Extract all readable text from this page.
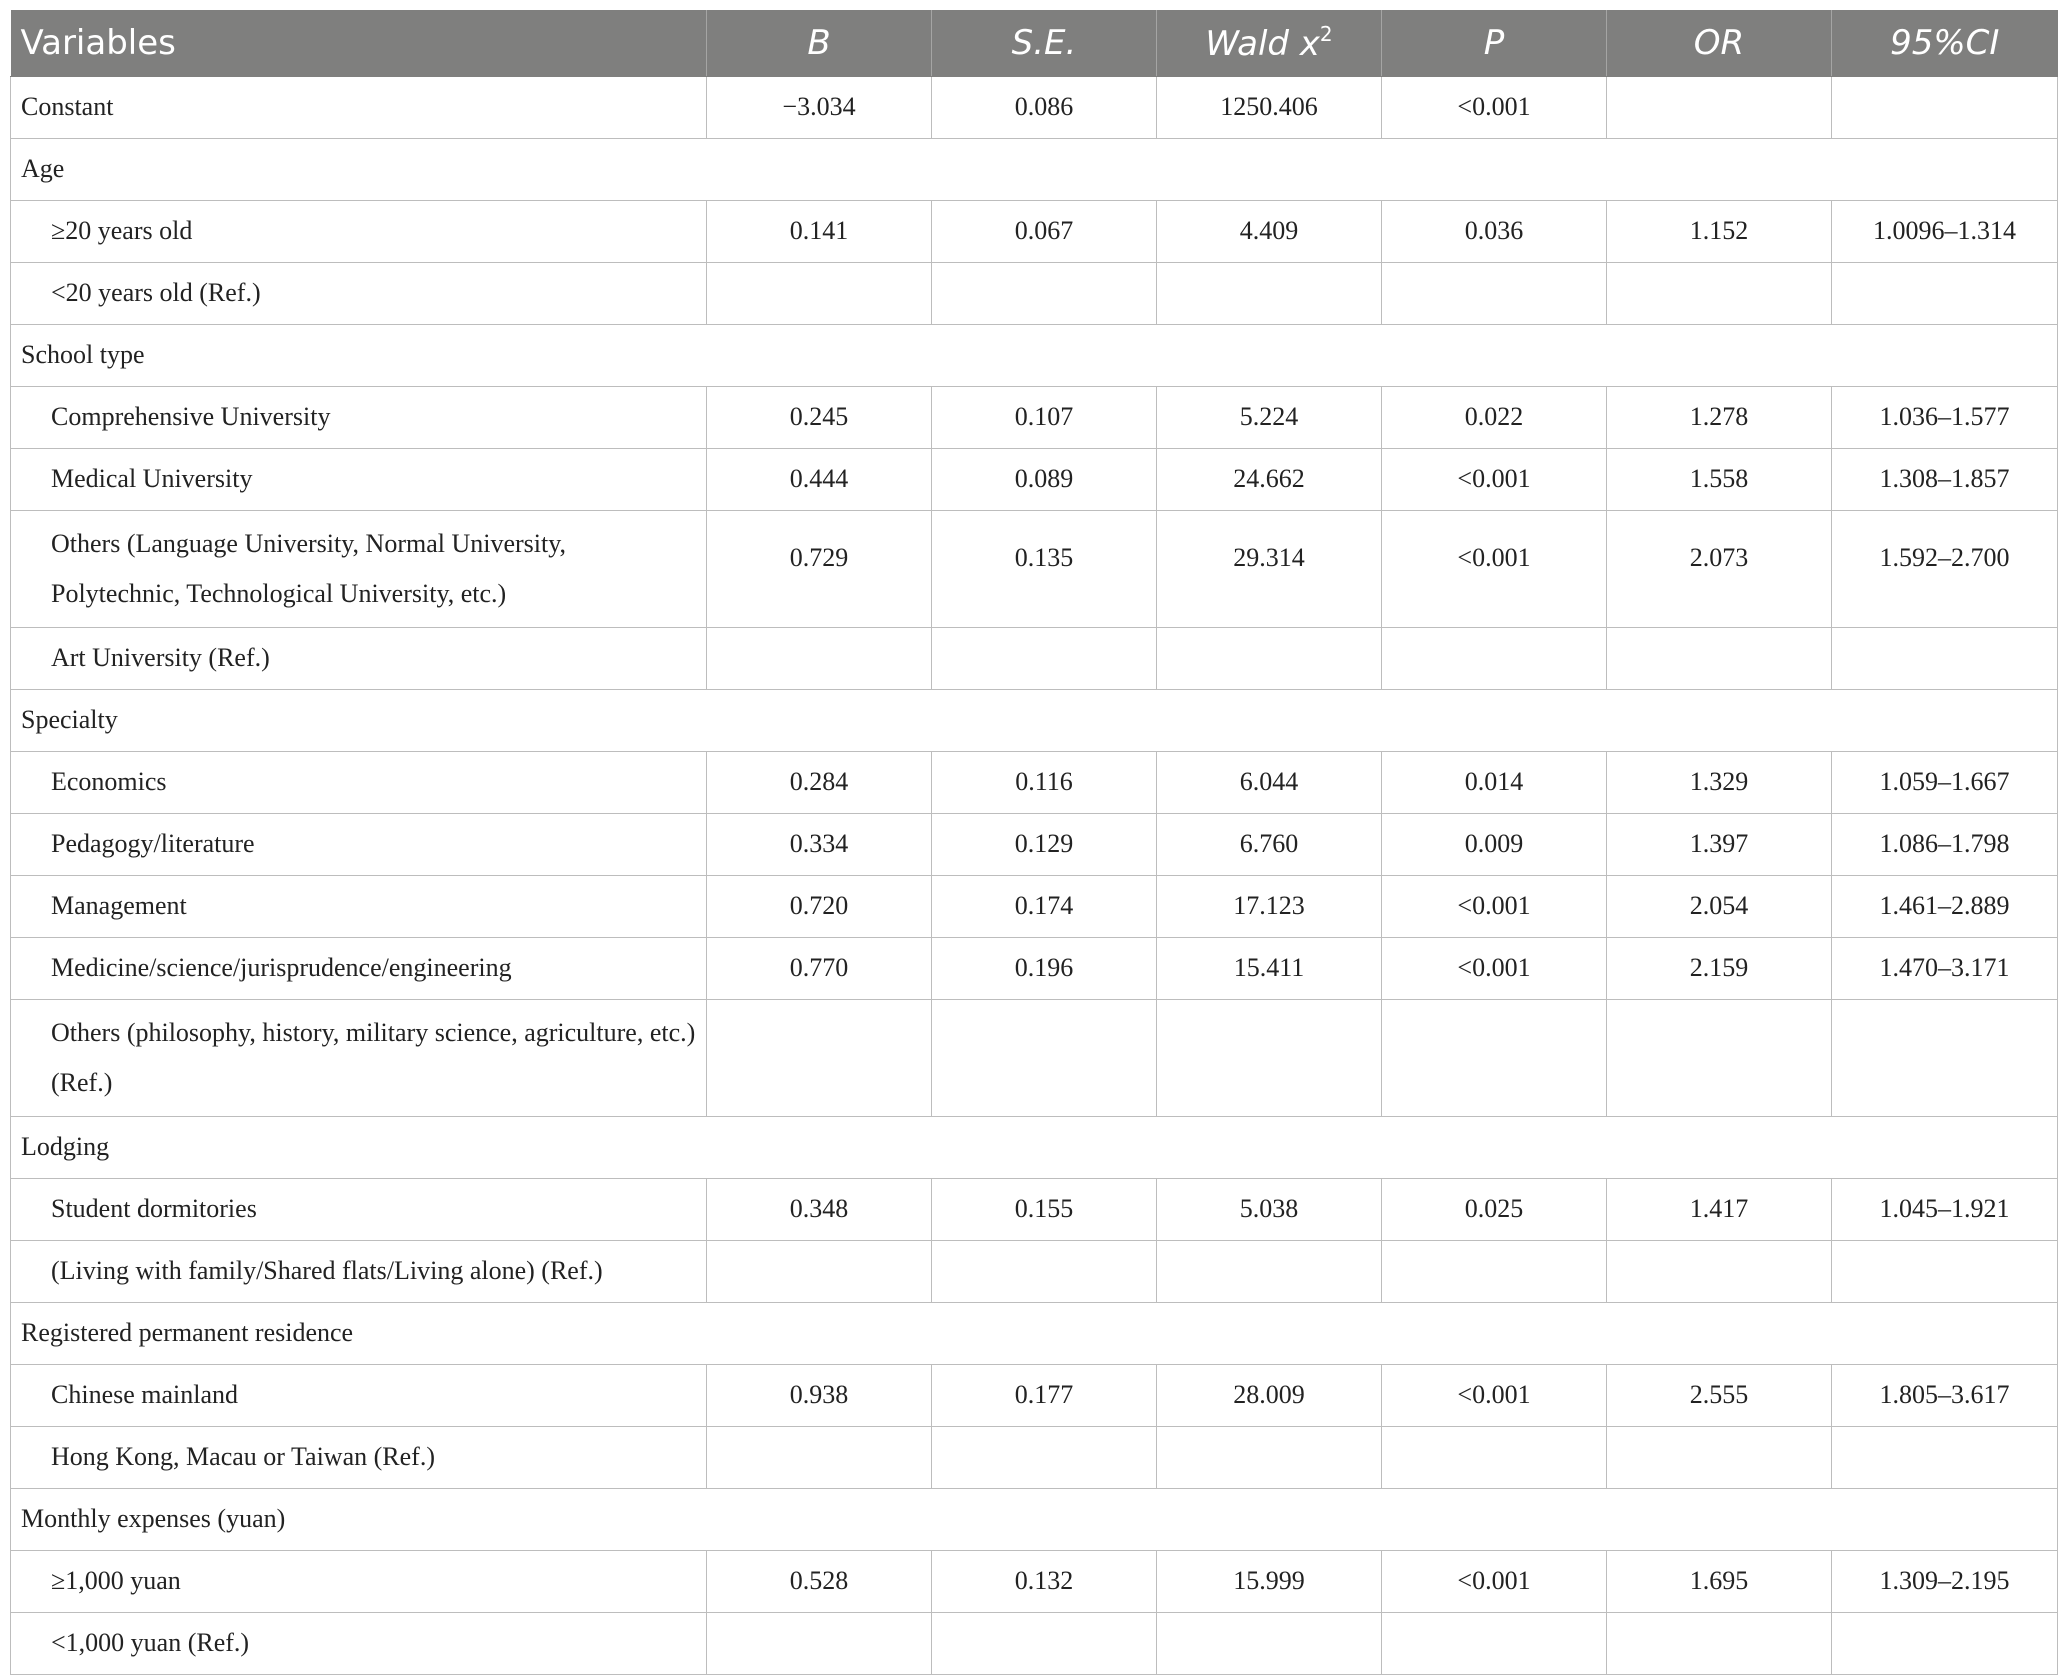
Variables	B	S.E.	Wald $x^2$	P	OR	95%CI
Constant	−3.034	0.086	1250.406	<0.001		
Age						
≥20 years old	0.141	0.067	4.409	0.036	1.152	1.0096–1.314
<20 years old (Ref.)						
School type						
Comprehensive University	0.245	0.107	5.224	0.022	1.278	1.036–1.577
Medical University	0.444	0.089	24.662	<0.001	1.558	1.308–1.857
Others (Language University, Normal University, Polytechnic, Technological University, etc.)	0.729	0.135	29.314	<0.001	2.073	1.592–2.700
Art University (Ref.)						
Specialty						
Economics	0.284	0.116	6.044	0.014	1.329	1.059–1.667
Pedagogy/literature	0.334	0.129	6.760	0.009	1.397	1.086–1.798
Management	0.720	0.174	17.123	<0.001	2.054	1.461–2.889
Medicine/science/jurisprudence/engineering	0.770	0.196	15.411	<0.001	2.159	1.470–3.171
Others (philosophy, history, military science, agriculture, etc.) (Ref.)						
Lodging						
Student dormitories	0.348	0.155	5.038	0.025	1.417	1.045–1.921
(Living with family/Shared flats/Living alone) (Ref.)						
Registered permanent residence						
Chinese mainland	0.938	0.177	28.009	<0.001	2.555	1.805–3.617
Hong Kong, Macau or Taiwan (Ref.)						
Monthly expenses (yuan)						
≥1,000 yuan	0.528	0.132	15.999	<0.001	1.695	1.309–2.195
<1,000 yuan (Ref.)						
